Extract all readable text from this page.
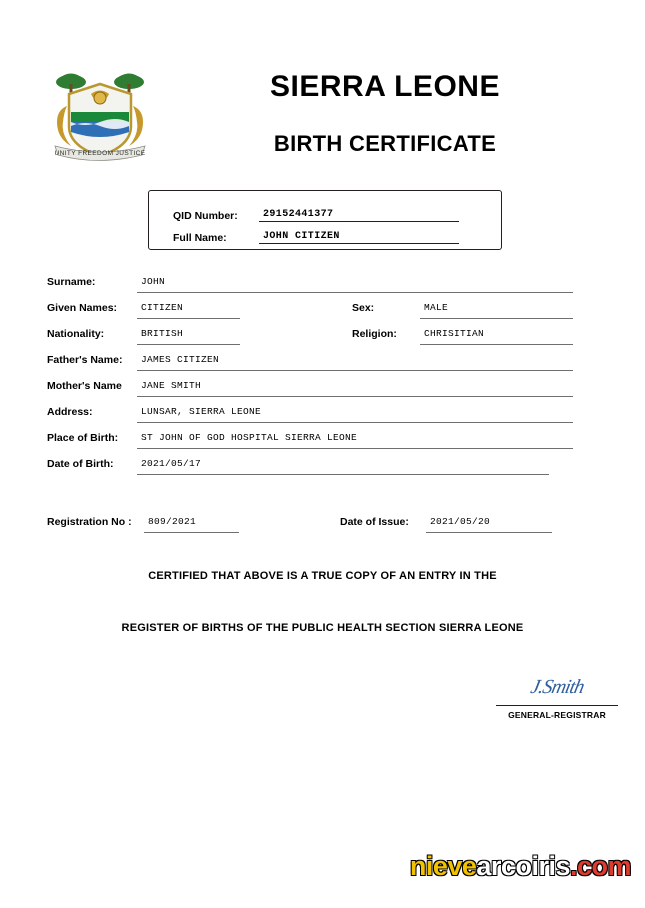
UNITY FREEDOM JUSTICE
SIERRA LEONE
BIRTH CERTIFICATE
QID Number:	29152441377
Full Name:	JOHN CITIZEN
Surname:	JOHN
Given Names:	CITIZEN	Sex:	MALE
Nationality:	BRITISH	Religion:	CHRISITIAN
Father's Name:	JAMES CITIZEN
Mother's Name	JANE SMITH
Address:	LUNSAR, SIERRA LEONE
Place of Birth:	ST JOHN OF GOD HOSPITAL SIERRA LEONE
Date of Birth:	2021/05/17
Registration No :	809/2021	Date of Issue:	2021/05/20
CERTIFIED THAT ABOVE IS A TRUE COPY OF AN ENTRY IN THE
REGISTER OF BIRTHS OF THE PUBLIC HEALTH SECTION SIERRA LEONE
J.Smith
GENERAL-REGISTRAR
nievearcoiris.com
